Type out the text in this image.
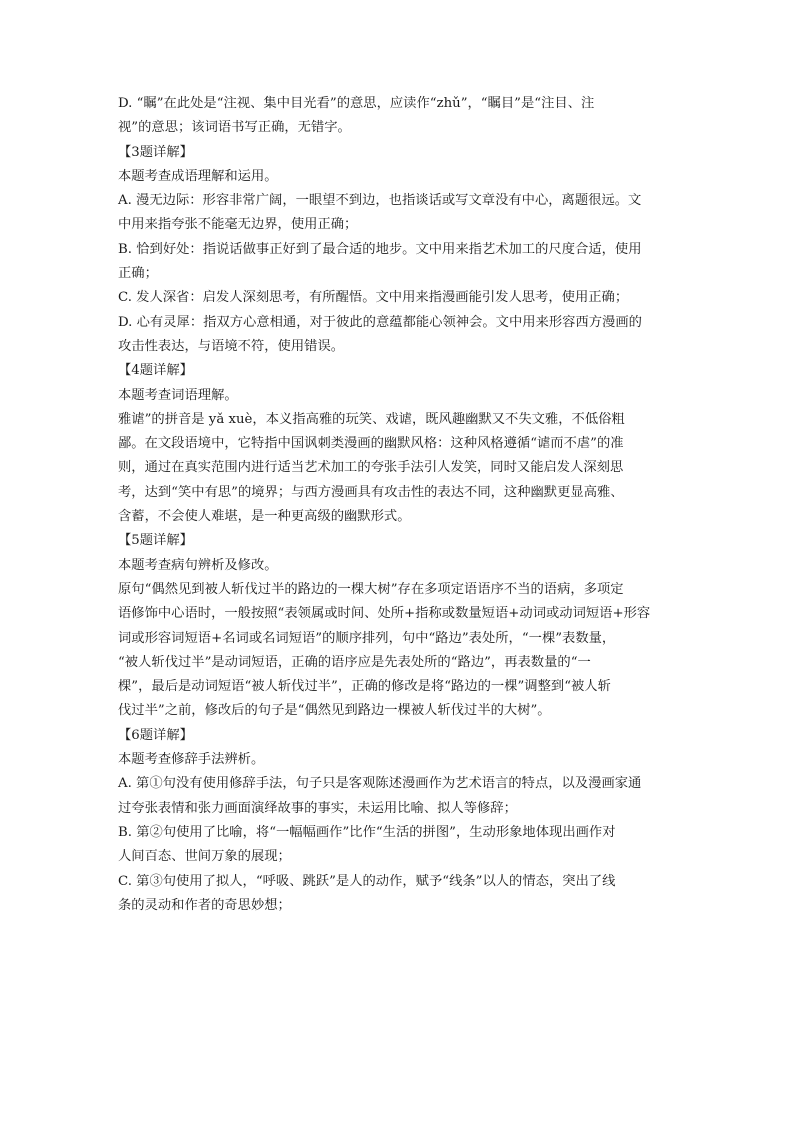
D. “瞩”在此处是“注视、集中目光看”的意思，应读作“zhǔ”，“瞩目”是“注目、注
视”的意思；该词语书写正确，无错字。
【3题详解】
本题考查成语理解和运用。
A. 漫无边际：形容非常广阔，一眼望不到边，也指谈话或写文章没有中心，离题很远。文
中用来指夸张不能毫无边界，使用正确；
B. 恰到好处：指说话做事正好到了最合适的地步。文中用来指艺术加工的尺度合适，使用
正确；
C. 发人深省：启发人深刻思考，有所醒悟。文中用来指漫画能引发人思考，使用正确；
D. 心有灵犀：指双方心意相通，对于彼此的意蕴都能心领神会。文中用来形容西方漫画的
攻击性表达，与语境不符，使用错误。
【4题详解】
本题考查词语理解。
雅谑”的拼音是 yǎ xuè，本义指高雅的玩笑、戏谑，既风趣幽默又不失文雅，不低俗粗
鄙。在文段语境中，它特指中国讽刺类漫画的幽默风格：这种风格遵循“谑而不虐”的准
则，通过在真实范围内进行适当艺术加工的夸张手法引人发笑，同时又能启发人深刻思
考，达到“笑中有思”的境界；与西方漫画具有攻击性的表达不同，这种幽默更显高雅、
含蓄，不会使人难堪，是一种更高级的幽默形式。
【5题详解】
本题考查病句辨析及修改。
原句“偶然见到被人斩伐过半的路边的一棵大树”存在多项定语语序不当的语病，多项定
语修饰中心语时，一般按照“表领属或时间、处所+指称或数量短语+动词或动词短语+形容
词或形容词短语+名词或名词短语”的顺序排列，句中“路边”表处所，“一棵”表数量，
“被人斩伐过半”是动词短语，正确的语序应是先表处所的“路边”，再表数量的“一
棵”，最后是动词短语“被人斩伐过半”，正确的修改是将“路边的一棵”调整到“被人斩
伐过半”之前，修改后的句子是“偶然见到路边一棵被人斩伐过半的大树”。
【6题详解】
本题考查修辞手法辨析。
A. 第①句没有使用修辞手法，句子只是客观陈述漫画作为艺术语言的特点，以及漫画家通
过夸张表情和张力画面演绎故事的事实，未运用比喻、拟人等修辞；
B. 第②句使用了比喻，将“一幅幅画作”比作“生活的拼图”，生动形象地体现出画作对
人间百态、世间万象的展现；
C. 第③句使用了拟人，“呼吸、跳跃”是人的动作，赋予“线条”以人的情态，突出了线
条的灵动和作者的奇思妙想；
